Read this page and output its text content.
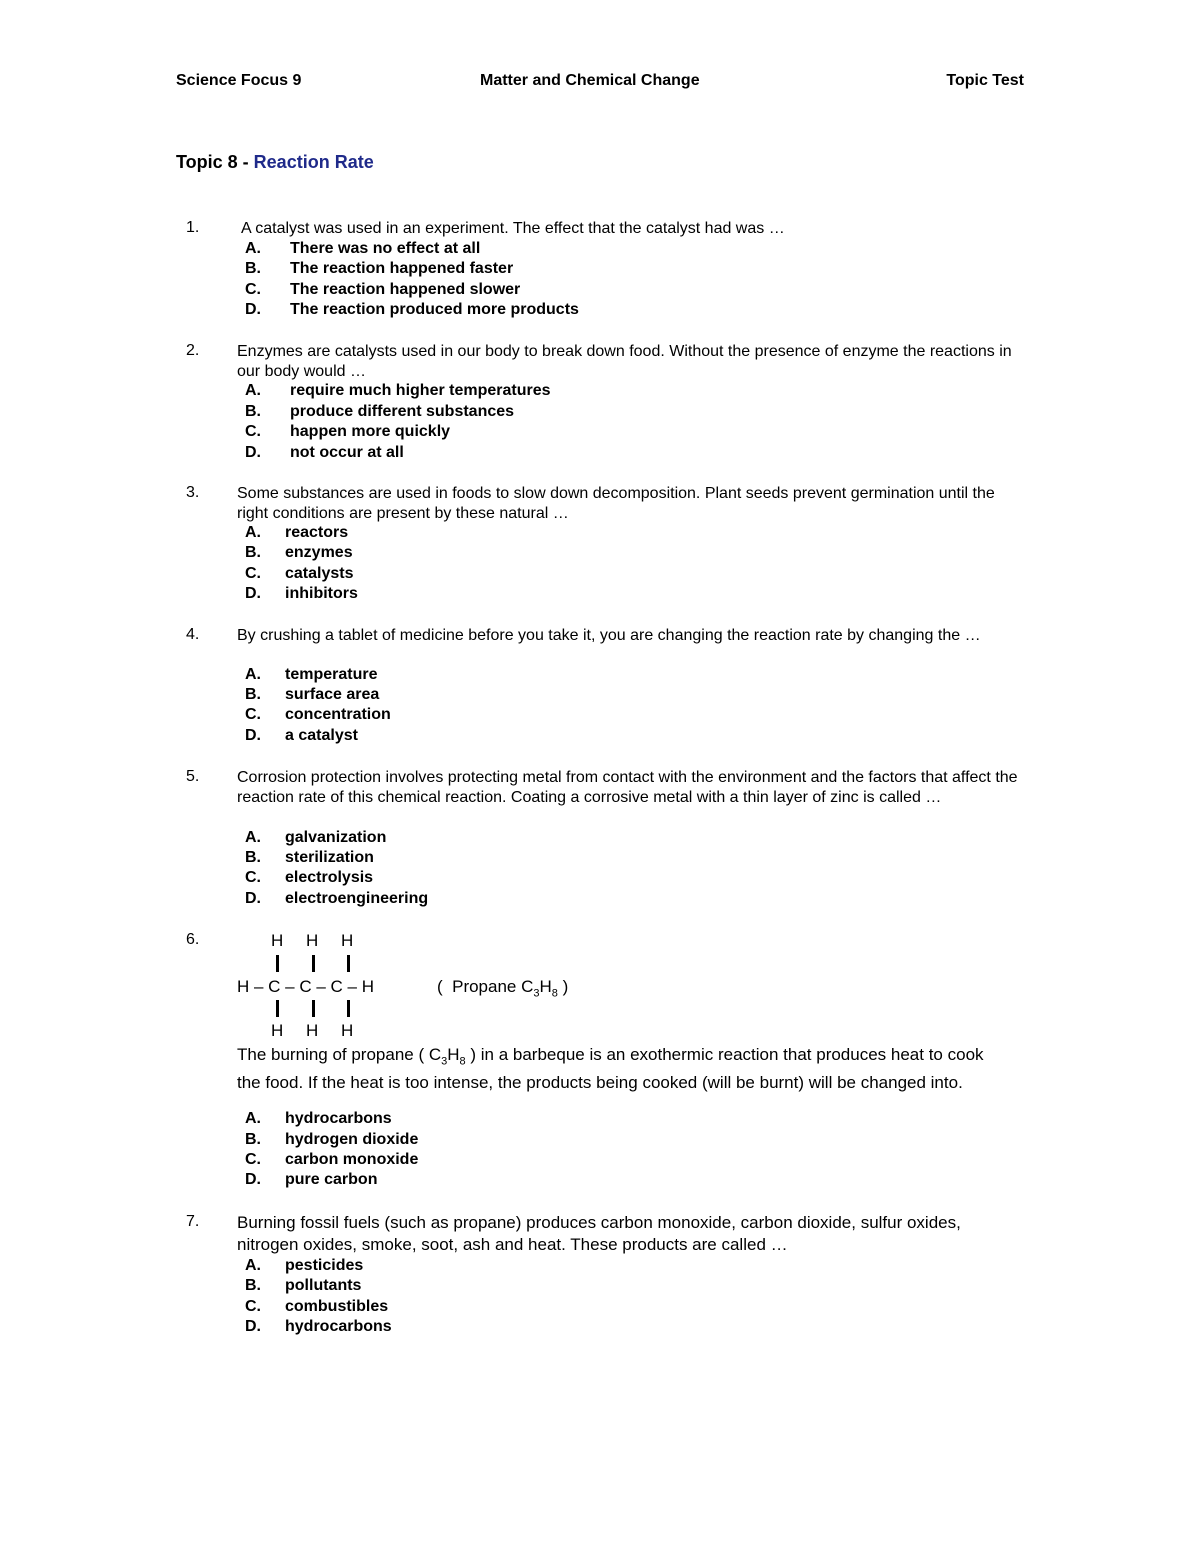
Science Focus 9	Matter and Chemical Change	Topic Test
Topic 8 - Reaction Rate
1.	A catalyst was used in an experiment. The effect that the catalyst had was …
A. There was no effect at all
B. The reaction happened faster
C. The reaction happened slower
D. The reaction produced more products
2. Enzymes are catalysts used in our body to break down food. Without the presence of enzyme the reactions in our body would …
A. require much higher temperatures
B. produce different substances
C. happen more quickly
D. not occur at all
3. Some substances are used in foods to slow down decomposition. Plant seeds prevent germination until the right conditions are present by these natural …
A. reactors
B. enzymes
C. catalysts
D. inhibitors
4. By crushing a tablet of medicine before you take it, you are changing the reaction rate by changing the …
A. temperature
B. surface area
C. concentration
D. a catalyst
5. Corrosion protection involves protecting metal from contact with the environment and the factors that affect the reaction rate of this chemical reaction. Coating a corrosive metal with a thin layer of zinc is called …
A. galvanization
B. sterilization
C. electrolysis
D. electroengineering
6.	H H H
H – C – C – C – H	(  Propane $C_3H_8$ )
H H H
The burning of propane ( $C_3H_8$ ) in a barbeque is an exothermic reaction that produces heat to cook the food. If the heat is too intense, the products being cooked (will be burnt) will be changed into.
A. hydrocarbons
B. hydrogen dioxide
C. carbon monoxide
D. pure carbon
7. Burning fossil fuels (such as propane) produces carbon monoxide, carbon dioxide, sulfur oxides, nitrogen oxides, smoke, soot, ash and heat. These products are called …
A. pesticides
B. pollutants
C. combustibles
D. hydrocarbons
